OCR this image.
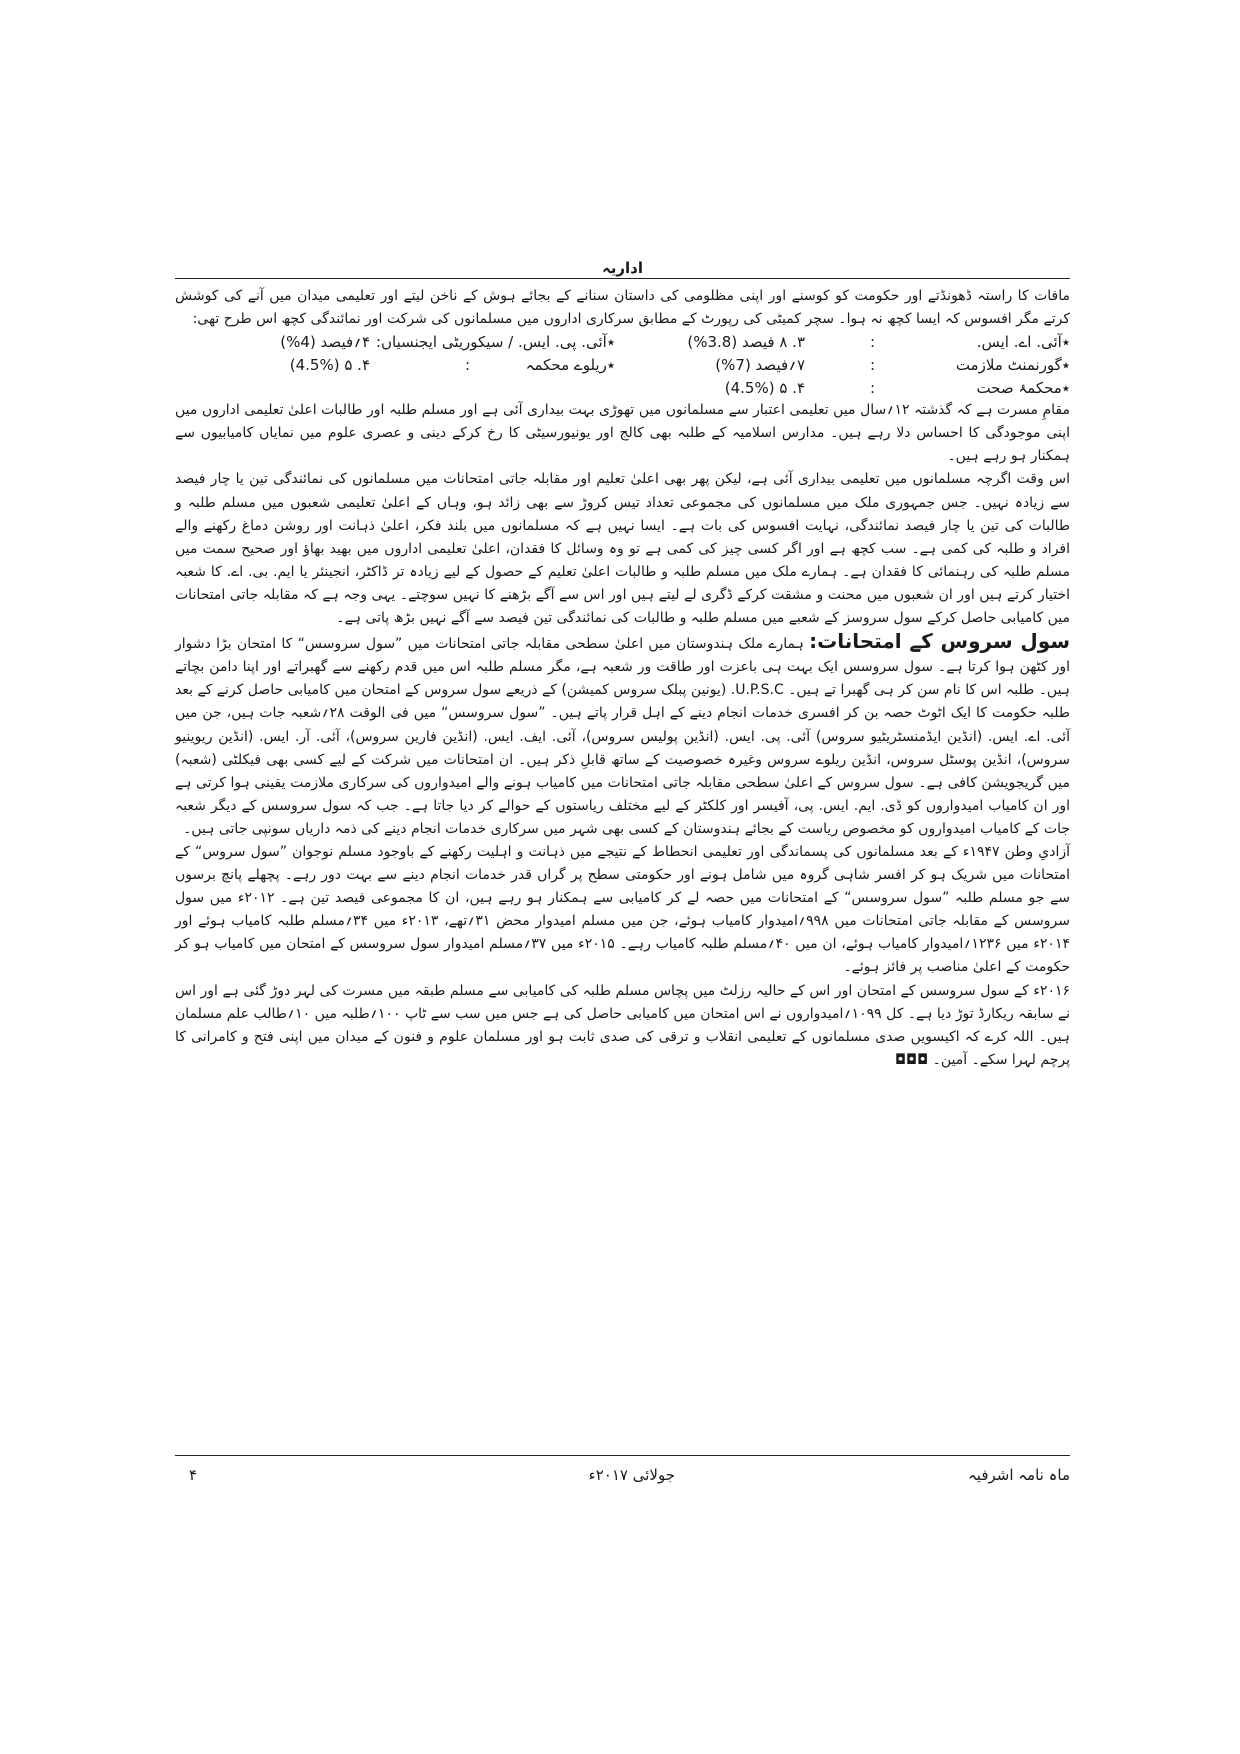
اداریہ

مافات کا راستہ ڈھونڈتے اور حکومت کو کوسنے اور اپنی مظلومی کی داستان سنانے کے بجائے ہوش کے ناخن لیتے اور تعلیمی میدان میں آنے کی کوشش کرتے مگر افسوس کہ ایسا کچھ نہ ہوا۔ سچر کمیٹی کی رپورٹ کے مطابق سرکاری اداروں میں مسلمانوں کی شرکت اور نمائندگی کچھ اس طرح تھی:

٭آئی. اے. ایس.
:
۳. ۸ فیصد (3.8%)
٭آئی. پی. ایس. / سیکوریٹی ایجنسیاں:
۴؍فیصد (4%)
٭گورنمنٹ ملازمت
:
۷؍فیصد (7%)
٭ریلوے محکمہ
:
۴. ۵ (4.5%)
٭محکمۂ صحت
:
۴. ۵ (4.5%)

مقامِ مسرت ہے کہ گذشتہ ۱۲؍سال میں تعلیمی اعتبار سے مسلمانوں میں تھوڑی بہت بیداری آئی ہے اور مسلم طلبہ اور طالبات اعلیٰ تعلیمی اداروں میں اپنی موجودگی کا احساس دلا رہے ہیں۔ مدارس اسلامیہ کے طلبہ بھی کالج اور یونیورسیٹی کا رخ کرکے دینی و عصری علوم میں نمایاں کامیابیوں سے ہمکنار ہو رہے ہیں۔

اس وقت اگرچہ مسلمانوں میں تعلیمی بیداری آئی ہے، لیکن پھر بھی اعلیٰ تعلیم اور مقابلہ جاتی امتحانات میں مسلمانوں کی نمائندگی تین یا چار فیصد سے زیادہ نہیں۔ جس جمہوری ملک میں مسلمانوں کی مجموعی تعداد تیس کروڑ سے بھی زائد ہو، وہاں کے اعلیٰ تعلیمی شعبوں میں مسلم طلبہ و طالبات کی تین یا چار فیصد نمائندگی، نہایت افسوس کی بات ہے۔ ایسا نہیں ہے کہ مسلمانوں میں بلند فکر، اعلیٰ ذہانت اور روشن دماغ رکھنے والے افراد و طلبہ کی کمی ہے۔ سب کچھ ہے اور اگر کسی چیز کی کمی ہے تو وہ وسائل کا فقدان، اعلیٰ تعلیمی اداروں میں بھید بھاؤ اور صحیح سمت میں مسلم طلبہ کی رہنمائی کا فقدان ہے۔ ہمارے ملک میں مسلم طلبہ و طالبات اعلیٰ تعلیم کے حصول کے لیے زیادہ تر ڈاکٹر، انجینئر یا ایم. بی. اے. کا شعبہ اختیار کرتے ہیں اور ان شعبوں میں محنت و مشقت کرکے ڈگری لے لیتے ہیں اور اس سے آگے بڑھنے کا نہیں سوچتے۔ یہی وجہ ہے کہ مقابلہ جاتی امتحانات میں کامیابی حاصل کرکے سول سروسز کے شعبے میں مسلم طلبہ و طالبات کی نمائندگی تین فیصد سے آگے نہیں بڑھ پاتی ہے۔

سول سروس کے امتحانات: ہمارے ملک ہندوستان میں اعلیٰ سطحی مقابلہ جاتی امتحانات میں ”سول سروسس“ کا امتحان بڑا دشوار اور کٹھن ہوا کرتا ہے۔ سول سروسس ایک بہت ہی باعزت اور طاقت ور شعبہ ہے، مگر مسلم طلبہ اس میں قدم رکھنے سے گھبراتے اور اپنا دامن بچاتے ہیں۔ طلبہ اس کا نام سن کر ہی گھبرا تے ہیں۔ U.P.S.C. (یونین پبلک سروس کمیشن) کے ذریعے سول سروس کے امتحان میں کامیابی حاصل کرنے کے بعد طلبہ حکومت کا ایک اٹوٹ حصہ بن کر افسری خدمات انجام دینے کے اہل قرار پاتے ہیں۔ ”سول سروسس“ میں فی الوقت ۲۸؍شعبہ جات ہیں، جن میں آئی. اے. ایس. (انڈین ایڈمنسٹریٹیو سروس) آئی. پی. ایس. (انڈین پولیس سروس)، آئی. ایف. ایس. (انڈین فارین سروس)، آئی. آر. ایس. (انڈین ریوینیو سروس)، انڈین پوسٹل سروس، انڈین ریلوے سروس وغیرہ خصوصیت کے ساتھ قابلِ ذکر ہیں۔ ان امتحانات میں شرکت کے لیے کسی بھی فیکلٹی (شعبہ) میں گریجویشن کافی ہے۔ سول سروس کے اعلیٰ سطحی مقابلہ جاتی امتحانات میں کامیاب ہونے والے امیدواروں کی سرکاری ملازمت یقینی ہوا کرتی ہے اور ان کامیاب امیدواروں کو ڈی. ایم. ایس. پی، آفیسر اور کلکٹر کے لیے مختلف ریاستوں کے حوالے کر دیا جاتا ہے۔ جب کہ سول سروسس کے دیگر شعبہ جات کے کامیاب امیدواروں کو مخصوص ریاست کے بجائے ہندوستان کے کسی بھی شہر میں سرکاری خدمات انجام دینے کی ذمہ داریاں سونپی جاتی ہیں۔

آزادیِ وطن ۱۹۴۷ء کے بعد مسلمانوں کی پسماندگی اور تعلیمی انحطاط کے نتیجے میں ذہانت و اہلیت رکھنے کے باوجود مسلم نوجوان ”سول سروس“ کے امتحانات میں شریک ہو کر افسر شاہی گروہ میں شامل ہونے اور حکومتی سطح پر گراں قدر خدمات انجام دینے سے بہت دور رہے۔ پچھلے پانچ برسوں سے جو مسلم طلبہ ”سول سروسس“ کے امتحانات میں حصہ لے کر کامیابی سے ہمکنار ہو رہے ہیں، ان کا مجموعی فیصد تین ہے۔ ۲۰۱۲ء میں سول سروسس کے مقابلہ جاتی امتحانات میں ۹۹۸؍امیدوار کامیاب ہوئے، جن میں مسلم امیدوار محض ۳۱؍تھے، ۲۰۱۳ء میں ۳۴؍مسلم طلبہ کامیاب ہوئے اور ۲۰۱۴ء میں ۱۲۳۶؍امیدوار کامیاب ہوئے، ان میں ۴۰؍مسلم طلبہ کامیاب رہے۔ ۲۰۱۵ء میں ۳۷؍مسلم امیدوار سول سروسس کے امتحان میں کامیاب ہو کر حکومت کے اعلیٰ مناصب پر فائز ہوئے۔

۲۰۱۶ء کے سول سروسس کے امتحان اور اس کے حالیہ رزلٹ میں پچاس مسلم طلبہ کی کامیابی سے مسلم طبقہ میں مسرت کی لہر دوڑ گئی ہے اور اس نے سابقہ ریکارڈ توڑ دیا ہے۔ کل ۱۰۹۹؍امیدواروں نے اس امتحان میں کامیابی حاصل کی ہے جس میں سب سے ٹاپ ۱۰۰؍طلبہ میں ۱۰؍طالب علم مسلمان ہیں۔ اللہ کرے کہ اکیسویں صدی مسلمانوں کے تعلیمی انقلاب و ترقی کی صدی ثابت ہو اور مسلمان علوم و فنون کے میدان میں اپنی فتح و کامرانی کا پرچم لہرا سکے۔ آمین۔ ◘◘◘

ماہ نامہ اشرفیہ
جولائی ۲۰۱۷ء
۴
